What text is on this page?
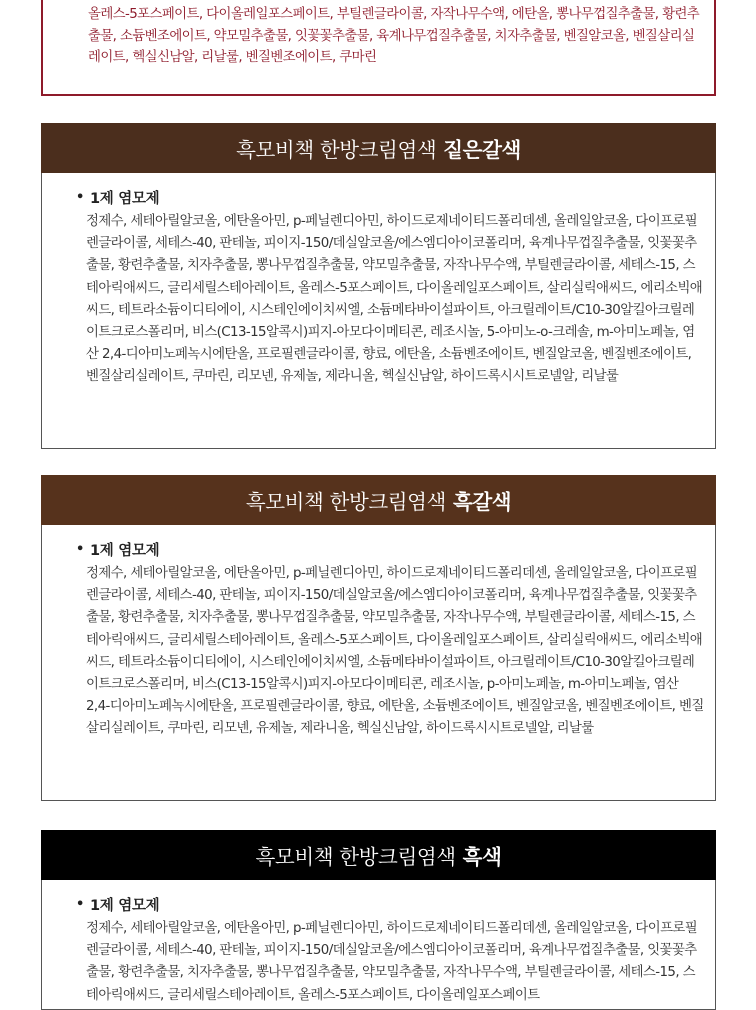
올레스-5포스페이트, 다이올레일포스페이트, 부틸렌글라이콜, 자작나무수액, 에탄올, 뽕나무껍질추출물, 황련추출물, 소듐벤조에이트, 약모밀추출물, 잇꽃꽃추출물, 육계나무껍질추출물, 치자추출물, 벤질알코올, 벤질살리실레이트, 헥실신남알, 리날룰, 벤질벤조에이트, 쿠마린

흑모비책 한방크림염색 짙은갈색
• 1제 염모제

정제수, 세테아릴알코올, 에탄올아민, p-페닐렌디아민, 하이드로제네이티드폴리데센, 올레일알코올, 다이프로필렌글라이콜, 세테스-40, 판테놀, 피이지-150/데실알코올/에스엠디아이코폴리머, 육계나무껍질추출물, 잇꽃꽃추출물, 황련추출물, 치자추출물, 뽕나무껍질추출물, 약모밀추출물, 자작나무수액, 부틸렌글라이콜, 세테스-15, 스테아릭애씨드, 글리세릴스테아레이트, 올레스-5포스페이트, 다이올레일포스페이트, 살리실릭애씨드, 에리소빅애씨드, 테트라소듐이디티에이, 시스테인에이치씨엘, 소듐메타바이설파이트, 아크릴레이트/C10-30알킬아크릴레이트크로스폴리머, 비스(C13-15알콕시)피지-아모다이메티콘, 레조시놀, 5-아미노-o-크레솔, m-아미노페놀, 염산 2,4-디아미노페녹시에탄올, 프로필렌글라이콜, 향료, 에탄올, 소듐벤조에이트, 벤질알코올, 벤질벤조에이트, 벤질살리실레이트, 쿠마린, 리모넨, 유제놀, 제라니올, 헥실신남알, 하이드록시시트로넬알, 리날룰

흑모비책 한방크림염색 흑갈색
• 1제 염모제

정제수, 세테아릴알코올, 에탄올아민, p-페닐렌디아민, 하이드로제네이티드폴리데센, 올레일알코올, 다이프로필렌글라이콜, 세테스-40, 판테놀, 피이지-150/데실알코올/에스엠디아이코폴리머, 육계나무껍질추출물, 잇꽃꽃추출물, 황련추출물, 치자추출물, 뽕나무껍질추출물, 약모밀추출물, 자작나무수액, 부틸렌글라이콜, 세테스-15, 스테아릭애씨드, 글리세릴스테아레이트, 올레스-5포스페이트, 다이올레일포스페이트, 살리실릭애씨드, 에리소빅애씨드, 테트라소듐이디티에이, 시스테인에이치씨엘, 소듐메타바이설파이트, 아크릴레이트/C10-30알킬아크릴레이트크로스폴리머, 비스(C13-15알콕시)피지-아모다이메티콘, 레조시놀, p-아미노페놀, m-아미노페놀, 염산 2,4-디아미노페녹시에탄올, 프로필렌글라이콜, 향료, 에탄올, 소듐벤조에이트, 벤질알코올, 벤질벤조에이트, 벤질살리실레이트, 쿠마린, 리모넨, 유제놀, 제라니올, 헥실신남알, 하이드록시시트로넬알, 리날룰

흑모비책 한방크림염색 흑색
• 1제 염모제

정제수, 세테아릴알코올, 에탄올아민, p-페닐렌디아민, 하이드로제네이티드폴리데센, 올레일알코올, 다이프로필렌글라이콜, 세테스-40, 판테놀, 피이지-150/데실알코올/에스엠디아이코폴리머, 육계나무껍질추출물, 잇꽃꽃추출물, 황련추출물, 치자추출물, 뽕나무껍질추출물, 약모밀추출물, 자작나무수액, 부틸렌글라이콜, 세테스-15, 스테아릭애씨드, 글리세릴스테아레이트, 올레스-5포스페이트, 다이올레일포스페이트
